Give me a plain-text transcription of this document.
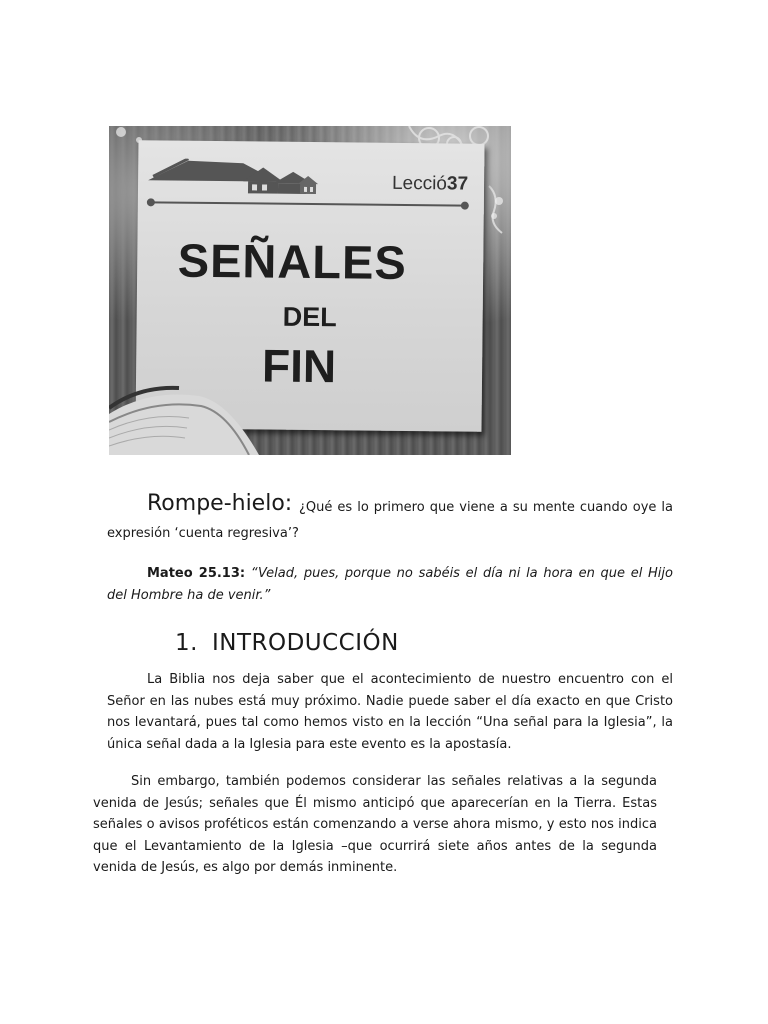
Lecció37
SEÑALES
DEL
FIN
Rompe-hielo: ¿Qué es lo primero que viene a su mente cuando oye la
expresión ‘cuenta regresiva’?
Mateo 25.13: “Velad, pues, porque no sabéis el día ni la hora en que el Hijo del Hombre ha de venir.”
1. INTRODUCCIÓN
La Biblia nos deja saber que el acontecimiento de nuestro encuentro con el Señor en las nubes está muy próximo. Nadie puede saber el día exacto en que Cristo nos levantará, pues tal como hemos visto en la lección “Una señal para la Iglesia”, la única señal dada a la Iglesia para este evento es la apostasía.
Sin embargo, también podemos considerar las señales relativas a la segunda venida de Jesús; señales que Él mismo anticipó que aparecerían en la Tierra. Estas señales o avisos proféticos están comenzando a verse ahora mismo, y esto nos indica que el Levantamiento de la Iglesia –que ocurrirá siete años antes de la segunda venida de Jesús, es algo por demás inminente.
